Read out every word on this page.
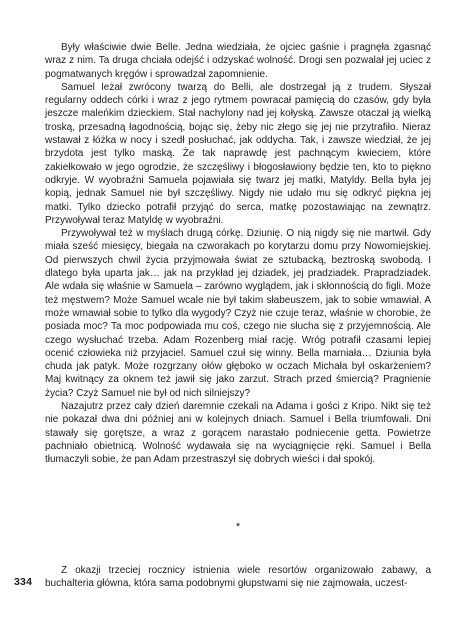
Były właściwie dwie Belle. Jedna wiedziała, że ojciec gaśnie i pragnęła zgasnąć wraz z nim. Ta druga chciała odejść i odzyskać wolność. Drogi sen pozwalał jej uciec z pogmatwanych kręgów i sprowadzał zapomnienie.

Samuel leżał zwrócony twarzą do Belli, ale dostrzegał ją z trudem. Słyszał regularny oddech córki i wraz z jego rytmem powracał pamięcią do czasów, gdy była jeszcze maleńkim dzieckiem. Stał nachylony nad jej kołyską. Zawsze otaczał ją wielką troską, przesadną łagodnością, bojąc się, żeby nic złego się jej nie przytrafiło. Nieraz wstawał z łóżka w nocy i szedł posłuchać, jak oddycha. Tak, i zawsze wiedział, że jej brzydota jest tylko maską. Że tak naprawdę jest pachnącym kwieciem, które zakiełkowało w jego ogrodzie, że szczęśliwy i błogosławiony będzie ten, kto to piękno odkryje. W wyobraźni Samuela pojawiała się twarz jej matki, Matyldy. Bella była jej kopią, jednak Samuel nie był szczęśliwy. Nigdy nie udało mu się odkryć piękna jej matki. Tylko dziecko potrafił przyjąć do serca, matkę pozostawiając na zewnątrz. Przywoływał teraz Matyldę w wyobraźni.

Przywoływał też w myślach drugą córkę. Dziunię. O nią nigdy się nie martwił. Gdy miała sześć miesięcy, biegała na czworakach po korytarzu domu przy Nowomiejskiej. Od pierwszych chwil życia przyjmowała świat ze sztubacką, beztroską swobodą. I dlatego była uparta jak… jak na przykład jej dziadek, jej pradziadek. Prapradziadek. Ale wdała się właśnie w Samuela – zarówno wyglądem, jak i skłonnością do figli. Może też męstwem? Może Samuel wcale nie był takim słabeuszem, jak to sobie wmawiał. A może wmawiał sobie to tylko dla wygody? Czyż nie czuje teraz, właśnie w chorobie, że posiada moc? Ta moc podpowiada mu coś, czego nie słucha się z przyjemnością. Ale czego wysłuchać trzeba. Adam Rozenberg miał rację. Wróg potrafił czasami lepiej ocenić człowieka niż przyjaciel. Samuel czuł się winny. Bella marniała… Dziunia była chuda jak patyk. Może rozgrzany ołów głęboko w oczach Michała był oskarżeniem? Maj kwitnący za oknem też jawił się jako zarzut. Strach przed śmiercią? Pragnienie życia? Czyż Samuel nie był od nich silniejszy?

Nazajutrz przez cały dzień daremnie czekali na Adama i gości z Kripo. Nikt się też nie pokazał dwa dni później ani w kolejnych dniach. Samuel i Bella triumfowali. Dni stawały się gorętsze, a wraz z gorącem narastało podniecenie getta. Powietrze pachniało obietnicą. Wolność wydawała się na wyciągnięcie ręki. Samuel i Bella tłumaczyli sobie, że pan Adam przestraszył się dobrych wieści i dał spokój.

*

Z okazji trzeciej rocznicy istnienia wiele resortów organizowało zabawy, a buchalteria główna, która sama podobnymi głupstwami się nie zajmowała, uczest-

334
